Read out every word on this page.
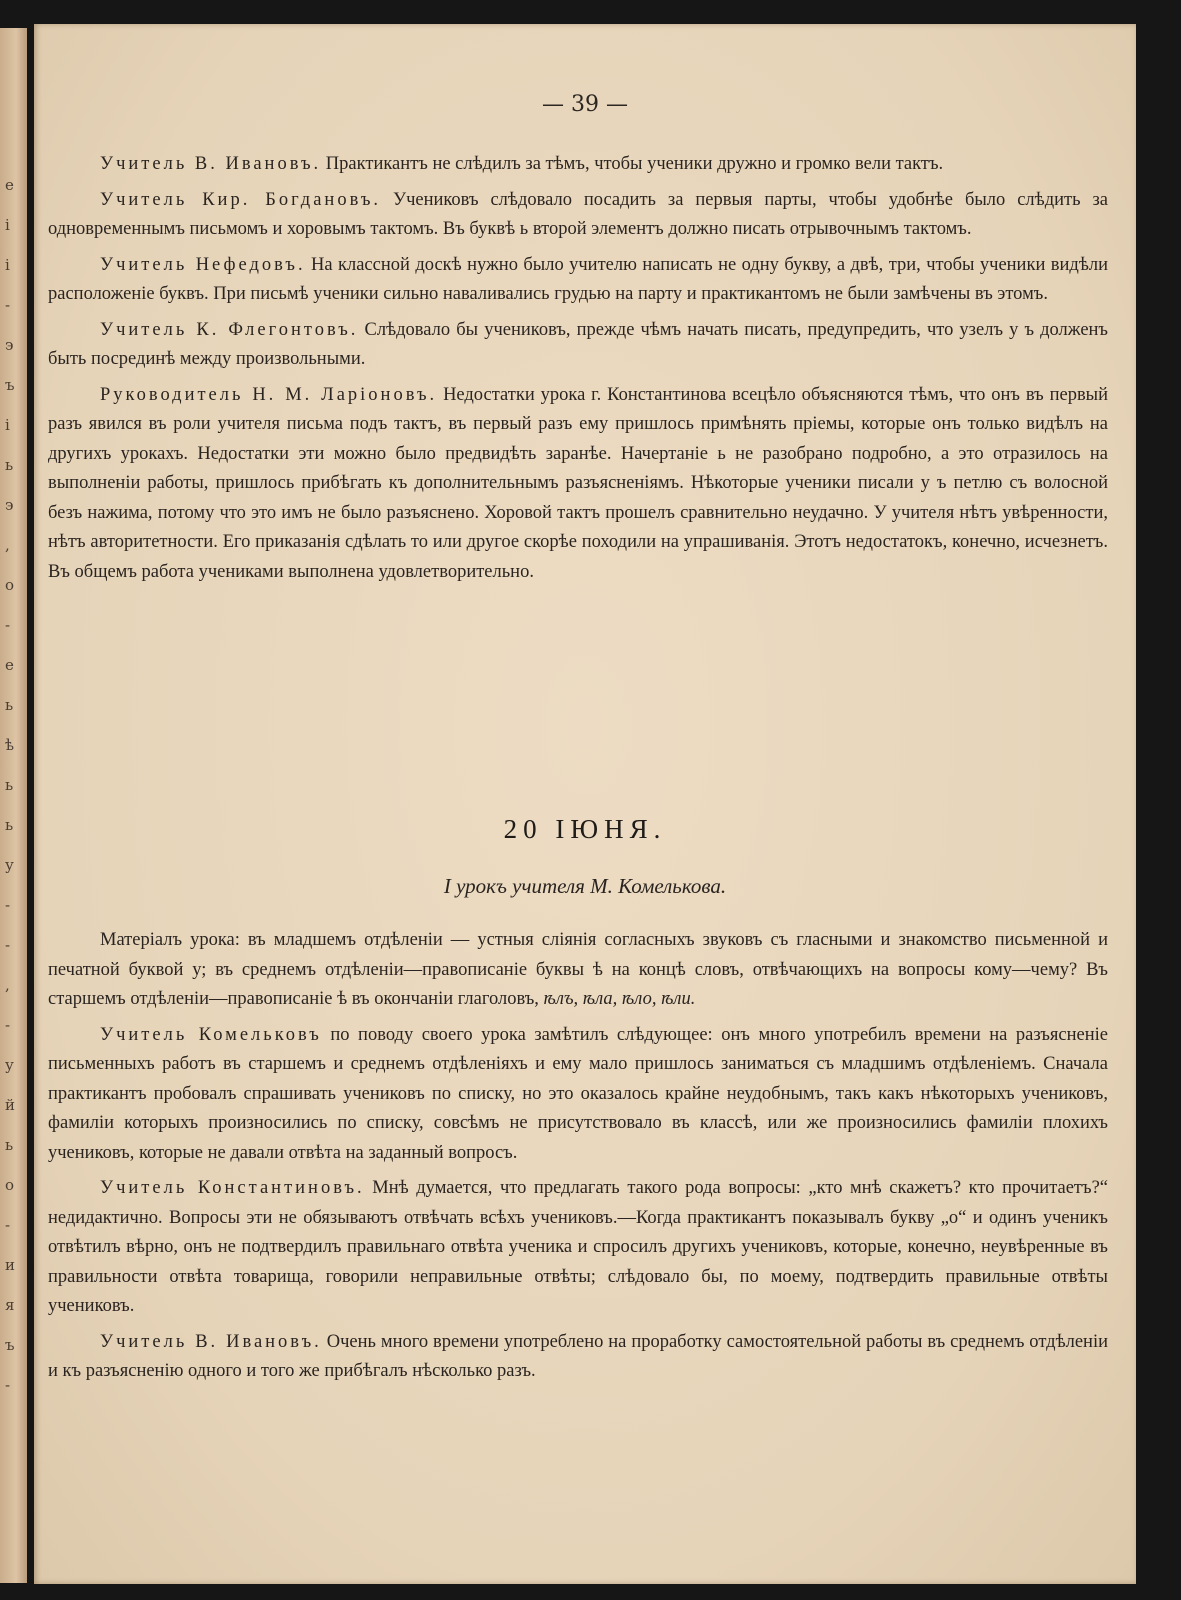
е
і
і
-
э
ъ
і
ь
э
,
о
-
е
ь
ѣ
ь
ь
у
-
-
,
-
у
й
ь
о
-
и
я
ъ
-
— 39 —

Учитель В. Ивановъ. Практикантъ не слѣдилъ за тѣмъ, чтобы ученики дружно и громко вели тактъ.

Учитель Кир. Богдановъ. Учениковъ слѣдовало посадить за первыя парты, чтобы удобнѣе было слѣдить за одновременнымъ письмомъ и хоровымъ тактомъ. Въ буквѣ ь второй элементъ должно писать отрывочнымъ тактомъ.

Учитель Нефедовъ. На классной доскѣ нужно было учителю написать не одну букву, а двѣ, три, чтобы ученики видѣли расположеніе буквъ. При письмѣ ученики сильно наваливались грудью на парту и практикантомъ не были замѣчены въ этомъ.

Учитель К. Флегонтовъ. Слѣдовало бы учениковъ, прежде чѣмъ начать писать, предупредить, что узелъ у ъ долженъ быть посрединѣ между произвольными.

Руководитель Н. М. Ларіоновъ. Недостатки урока г. Константинова всецѣло объясняются тѣмъ, что онъ въ первый разъ явился въ роли учителя письма подъ тактъ, въ первый разъ ему пришлось примѣнять пріемы, которые онъ только видѣлъ на другихъ урокахъ. Недостатки эти можно было предвидѣть заранѣе. Начертаніе ь не разобрано подробно, а это отразилось на выполненіи работы, пришлось прибѣгать къ дополнительнымъ разъясненіямъ. Нѣкоторые ученики писали у ъ петлю съ волосной безъ нажима, потому что это имъ не было разъяснено. Хоровой тактъ прошелъ сравнительно неудачно. У учителя нѣтъ увѣренности, нѣтъ авторитетности. Его приказанія сдѣлать то или другое скорѣе походили на упрашиванія. Этотъ недостатокъ, конечно, исчезнетъ. Въ общемъ работа учениками выполнена удовлетворительно.

20 ІЮНЯ.
І урокъ учителя М. Комелькова.

Матеріалъ урока: въ младшемъ отдѣленіи — устныя слiянія согласныхъ звуковъ съ гласными и знакомство письменной и печатной буквой у; въ среднемъ отдѣленіи—правописаніе буквы ѣ на концѣ словъ, отвѣчающихъ на вопросы кому—чему? Въ старшемъ отдѣленіи—правописаніе ѣ въ окончаніи глаголовъ, ѣлъ, ѣла, ѣло, ѣли.

Учитель Комельковъ по поводу своего урока замѣтилъ слѣдующее: онъ много употребилъ времени на разъясненіе письменныхъ работъ въ старшемъ и среднемъ отдѣленіяхъ и ему мало пришлось заниматься съ младшимъ отдѣленіемъ. Сначала практикантъ пробовалъ спрашивать учениковъ по списку, но это оказалось крайне неудобнымъ, такъ какъ нѣкоторыхъ учениковъ, фамиліи которыхъ произносились по списку, совсѣмъ не присутствовало въ классѣ, или же произносились фамиліи плохихъ учениковъ, которые не давали отвѣта на заданный вопросъ.

Учитель Константиновъ. Мнѣ думается, что предлагать такого рода вопросы: „кто мнѣ скажетъ? кто прочитаетъ?“ недидактично. Вопросы эти не обязываютъ отвѣчать всѣхъ учениковъ.—Когда практикантъ показывалъ букву „о“ и одинъ ученикъ отвѣтилъ вѣрно, онъ не подтвердилъ правильнаго отвѣта ученика и спросилъ другихъ учениковъ, которые, конечно, неувѣренные въ правильности отвѣта товарища, говорили неправильные отвѣты; слѣдовало бы, по моему, подтвердить правильные отвѣты учениковъ.

Учитель В. Ивановъ. Очень много времени употреблено на проработку самостоятельной работы въ среднемъ отдѣленіи и къ разъясненію одного и того же прибѣгалъ нѣсколько разъ.
